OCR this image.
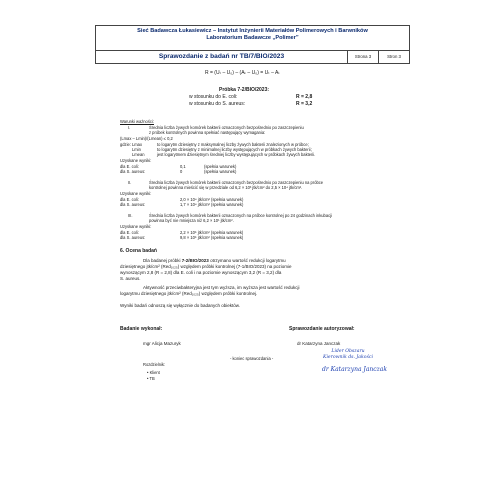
Sieć Badawcza Łukasiewicz – Instytut Inżynierii Materiałów Polimerowych i Barwników
Laboratorium Badawcze „Polimer”
Sprawozdanie z badań nr TB/7/BIO/2023	Strona 3	Stron 3
R = (Uₜ – U₀) – (Aₜ – U₀) = Uₜ – Aₜ
Próbka 7-2/BIO/2023:
w stosunku do E. coli:	R = 2,8
w stosunku do S. aureus:	R = 3,2
Warunki ważności:
I.	Średnia liczba żywych komórek bakterii oznaczonych bezpośrednio po zaszczepieniu
z próbek kontrolnych powinna spełniać następujący wymagania:
(Lmax – Lmin)/(Lmean) ≤ 0,2
gdzie: Lmax	to logarytm dziesiętny z maksymalnej liczby żywych bakterii znalezionych w próbce;
Lmin	to logarytm dziesiętny z minimalnej liczby występujących w próbkach żywych bakterii;
Lmean	jest logarytmem dziesiętnym średniej liczby występujących w próbkach żywych bakterii.
Uzyskane wyniki:
dla E. coli:	0,1	(spełnia warunek)
dla S. aureus:	0	(spełnia warunek)
II.	Średnia liczba żywych komórek bakterii oznaczonych bezpośrednio po zaszczepieniu na próbce
kontrolnej powinna mieścić się w przedziale od 6,2 × 10³ jtk/cm² do 2,5 × 10⁴ jtk/cm².
Uzyskane wyniki:
dla E. coli:	2,0 × 10⁴ jtk/cm² (spełnia warunek)
dla S. aureus:	1,7 × 10⁴ jtk/cm² (spełnia warunek)
III.	Średnia liczba żywych komórek bakterii oznaczonych na próbce kontrolnej po 24 godzinach inkubacji
powinna być nie mniejsza niż 6,2 × 10¹ jtk/cm².
Uzyskane wyniki:
dla E. coli:	2,2 × 10⁵ jtk/cm² (spełnia warunek)
dla S. aureus:	9,8 × 10⁵ jtk/cm² (spełnia warunek)
6. Ocena badań
Dla badanej próbki 7-2/BIO/2023 otrzymano wartość redukcji logarytmu
dziesiętnego jtk/cm² (Red₁₀₂₅) względem próbki kontrolnej (7-1/BIO/2023) na poziomie
wynoszącym 2,8 (R = 2,8) dla E. coli i na poziomie wynoszącym 3,2 (R = 3,2) dla
S. aureus.
Aktywność przeciwbakteryjna jest tym wyższa, im wyższa jest wartość redukcji
logarytmu dziesiętnego jtk/cm² (Red₁₀₂₅) względem próbki kontrolnej.
Wyniki badań odnoszą się wyłącznie do badanych obiektów.
Badanie wykonał:	Sprawozdanie autoryzował:
mgr Alicja Mazuryk	dr Katarzyna Janczak
- koniec sprawozdania -
Lider Obszaru
Kierownik ds. Jakości
dr Katarzyna Janczak
Rozdzielnik:
• Klient
• TB
